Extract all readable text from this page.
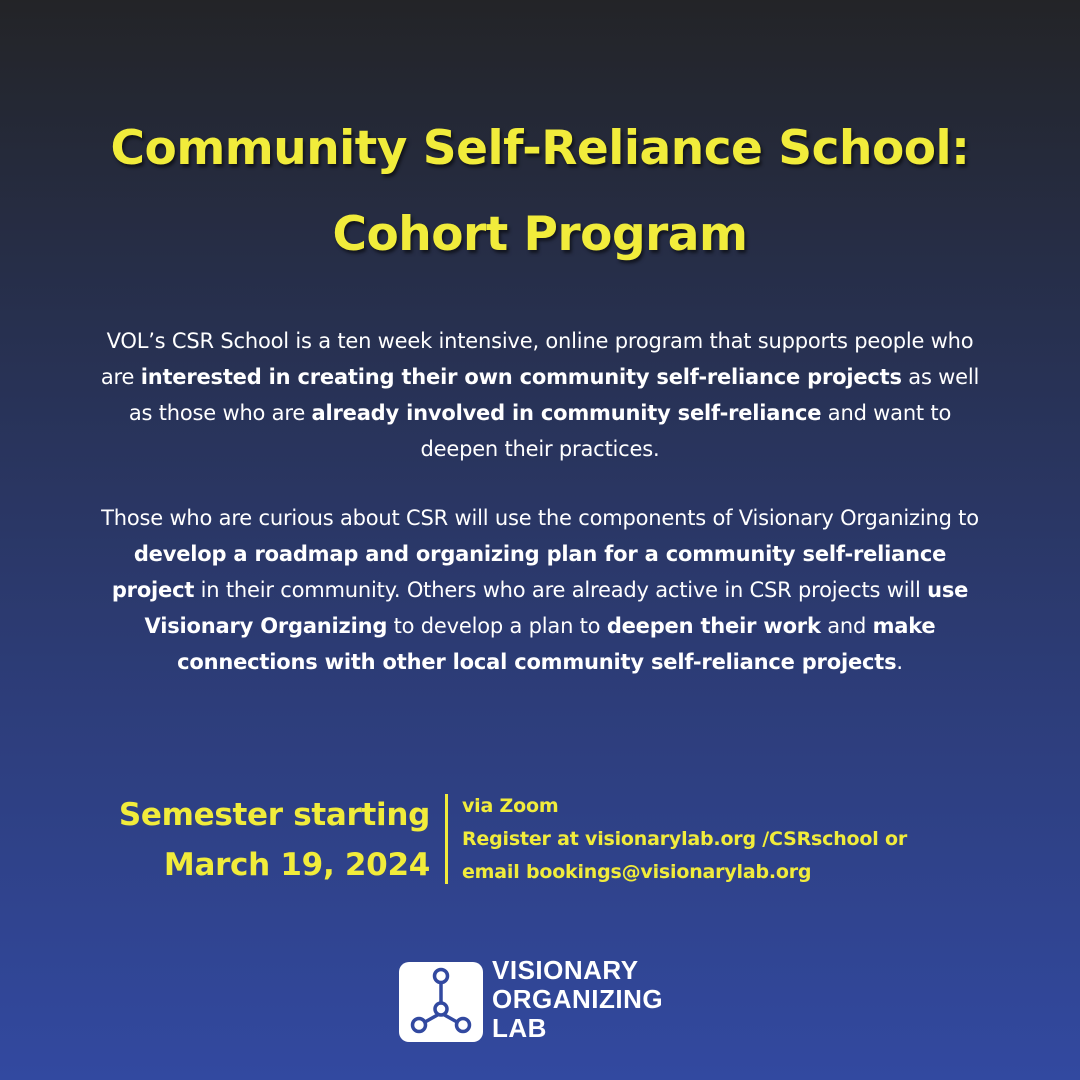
Community Self-Reliance School:
Cohort Program
VOL’s CSR School is a ten week intensive, online program that supports people who are interested in creating their own community self-reliance projects as well as those who are already involved in community self-reliance and want to deepen their practices.
Those who are curious about CSR will use the components of Visionary Organizing to develop a roadmap and organizing plan for a community self-reliance project in their community. Others who are already active in CSR projects will use Visionary Organizing to develop a plan to deepen their work and make connections with other local community self-reliance projects.
Semester starting
March 19, 2024
via Zoom
Register at visionarylab.org /CSRschool or
email bookings@visionarylab.org
VISIONARY
ORGANIZING
LAB
